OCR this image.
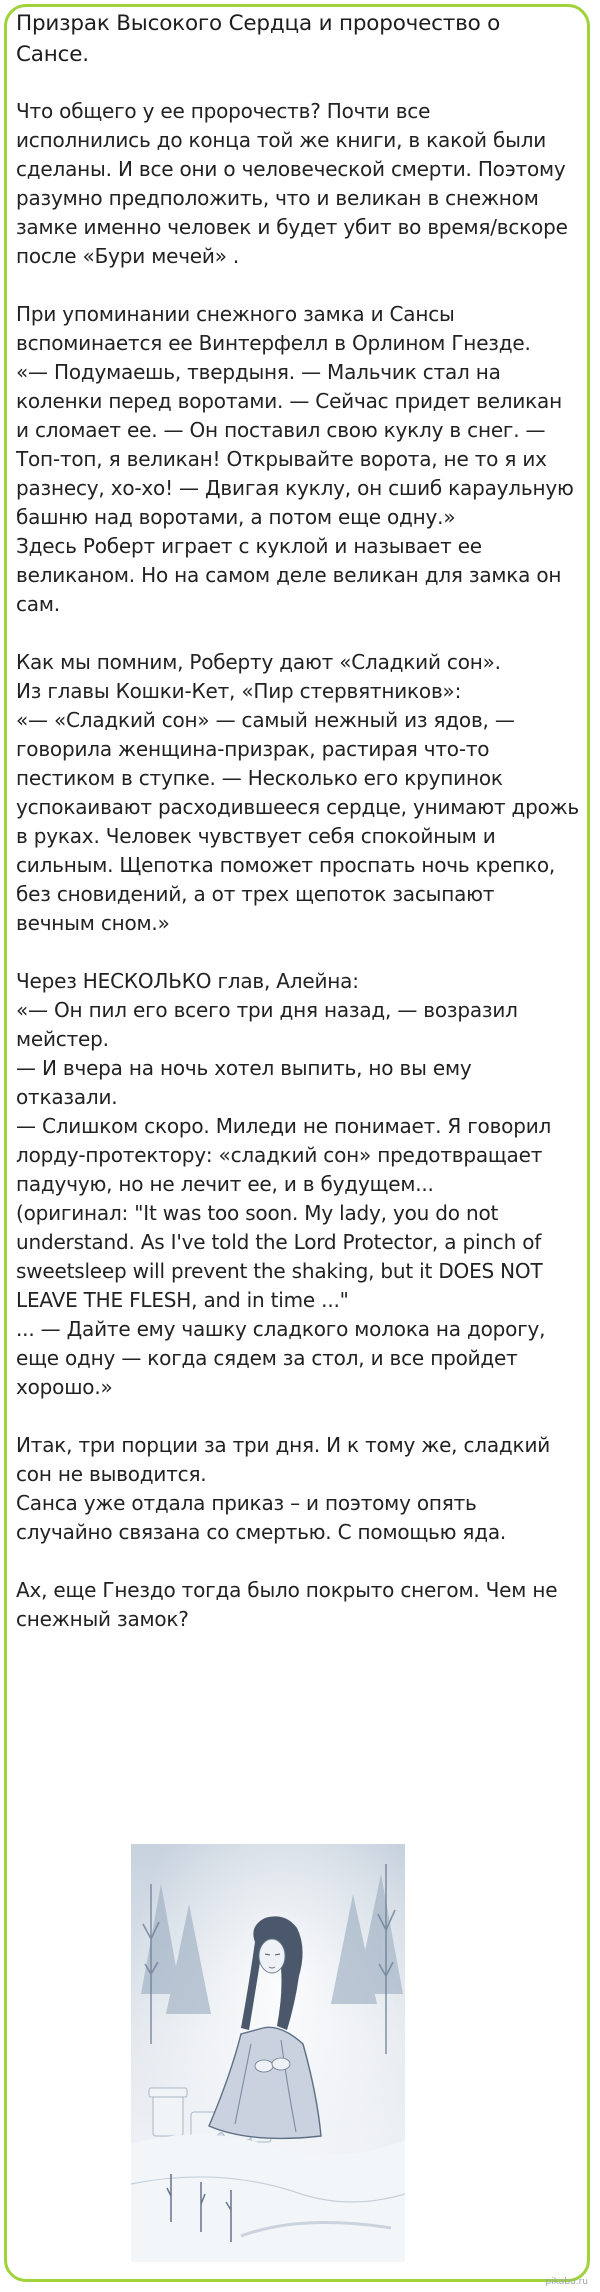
Призрак Высокого Сердца и пророчество о
Сансе.

Что общего у ее пророчеств? Почти все
исполнились до конца той же книги, в какой были
сделаны. И все они о человеческой смерти. Поэтому
разумно предположить, что и великан в снежном
замке именно человек и будет убит во время/вскоре
после «Бури мечей» .

При упоминании снежного замка и Сансы
вспоминается ее Винтерфелл в Орлином Гнезде.
«— Подумаешь, твердыня. — Мальчик стал на
коленки перед воротами. — Сейчас придет великан
и сломает ее. — Он поставил свою куклу в снег. —
Топ-топ, я великан! Открывайте ворота, не то я их
разнесу, хо-хо! — Двигая куклу, он сшиб караульную
башню над воротами, а потом еще одну.»
Здесь Роберт играет с куклой и называет ее
великаном. Но на самом деле великан для замка он
сам.

Как мы помним, Роберту дают «Сладкий сон».
Из главы Кошки-Кет, «Пир стервятников»:
«— «Сладкий сон» — самый нежный из ядов, —
говорила женщина-призрак, растирая что-то
пестиком в ступке. — Несколько его крупинок
успокаивают расходившееся сердце, унимают дрожь
в руках. Человек чувствует себя спокойным и
сильным. Щепотка поможет проспать ночь крепко,
без сновидений, а от трех щепоток засыпают
вечным сном.»

Через НЕСКОЛЬКО глав, Алейна:
«— Он пил его всего три дня назад, — возразил
мейстер.
— И вчера на ночь хотел выпить, но вы ему
отказали.
— Слишком скоро. Миледи не понимает. Я говорил
лорду-протектору: «сладкий сон» предотвращает
падучую, но не лечит ее, и в будущем...
(оригинал: "It was too soon. My lady, you do not
understand. As I've told the Lord Protector, a pinch of
sweetsleep will prevent the shaking, but it DOES NOT
LEAVE THE FLESH, and in time ..."
... — Дайте ему чашку сладкого молока на дорогу,
еще одну — когда сядем за стол, и все пройдет
хорошо.»

Итак, три порции за три дня. И к тому же, сладкий
сон не выводится.
Санса уже отдала приказ – и поэтому опять
случайно связана со смертью. С помощью яда.

Ах, еще Гнездо тогда было покрыто снегом. Чем не
снежный замок?

pikabu.ru
